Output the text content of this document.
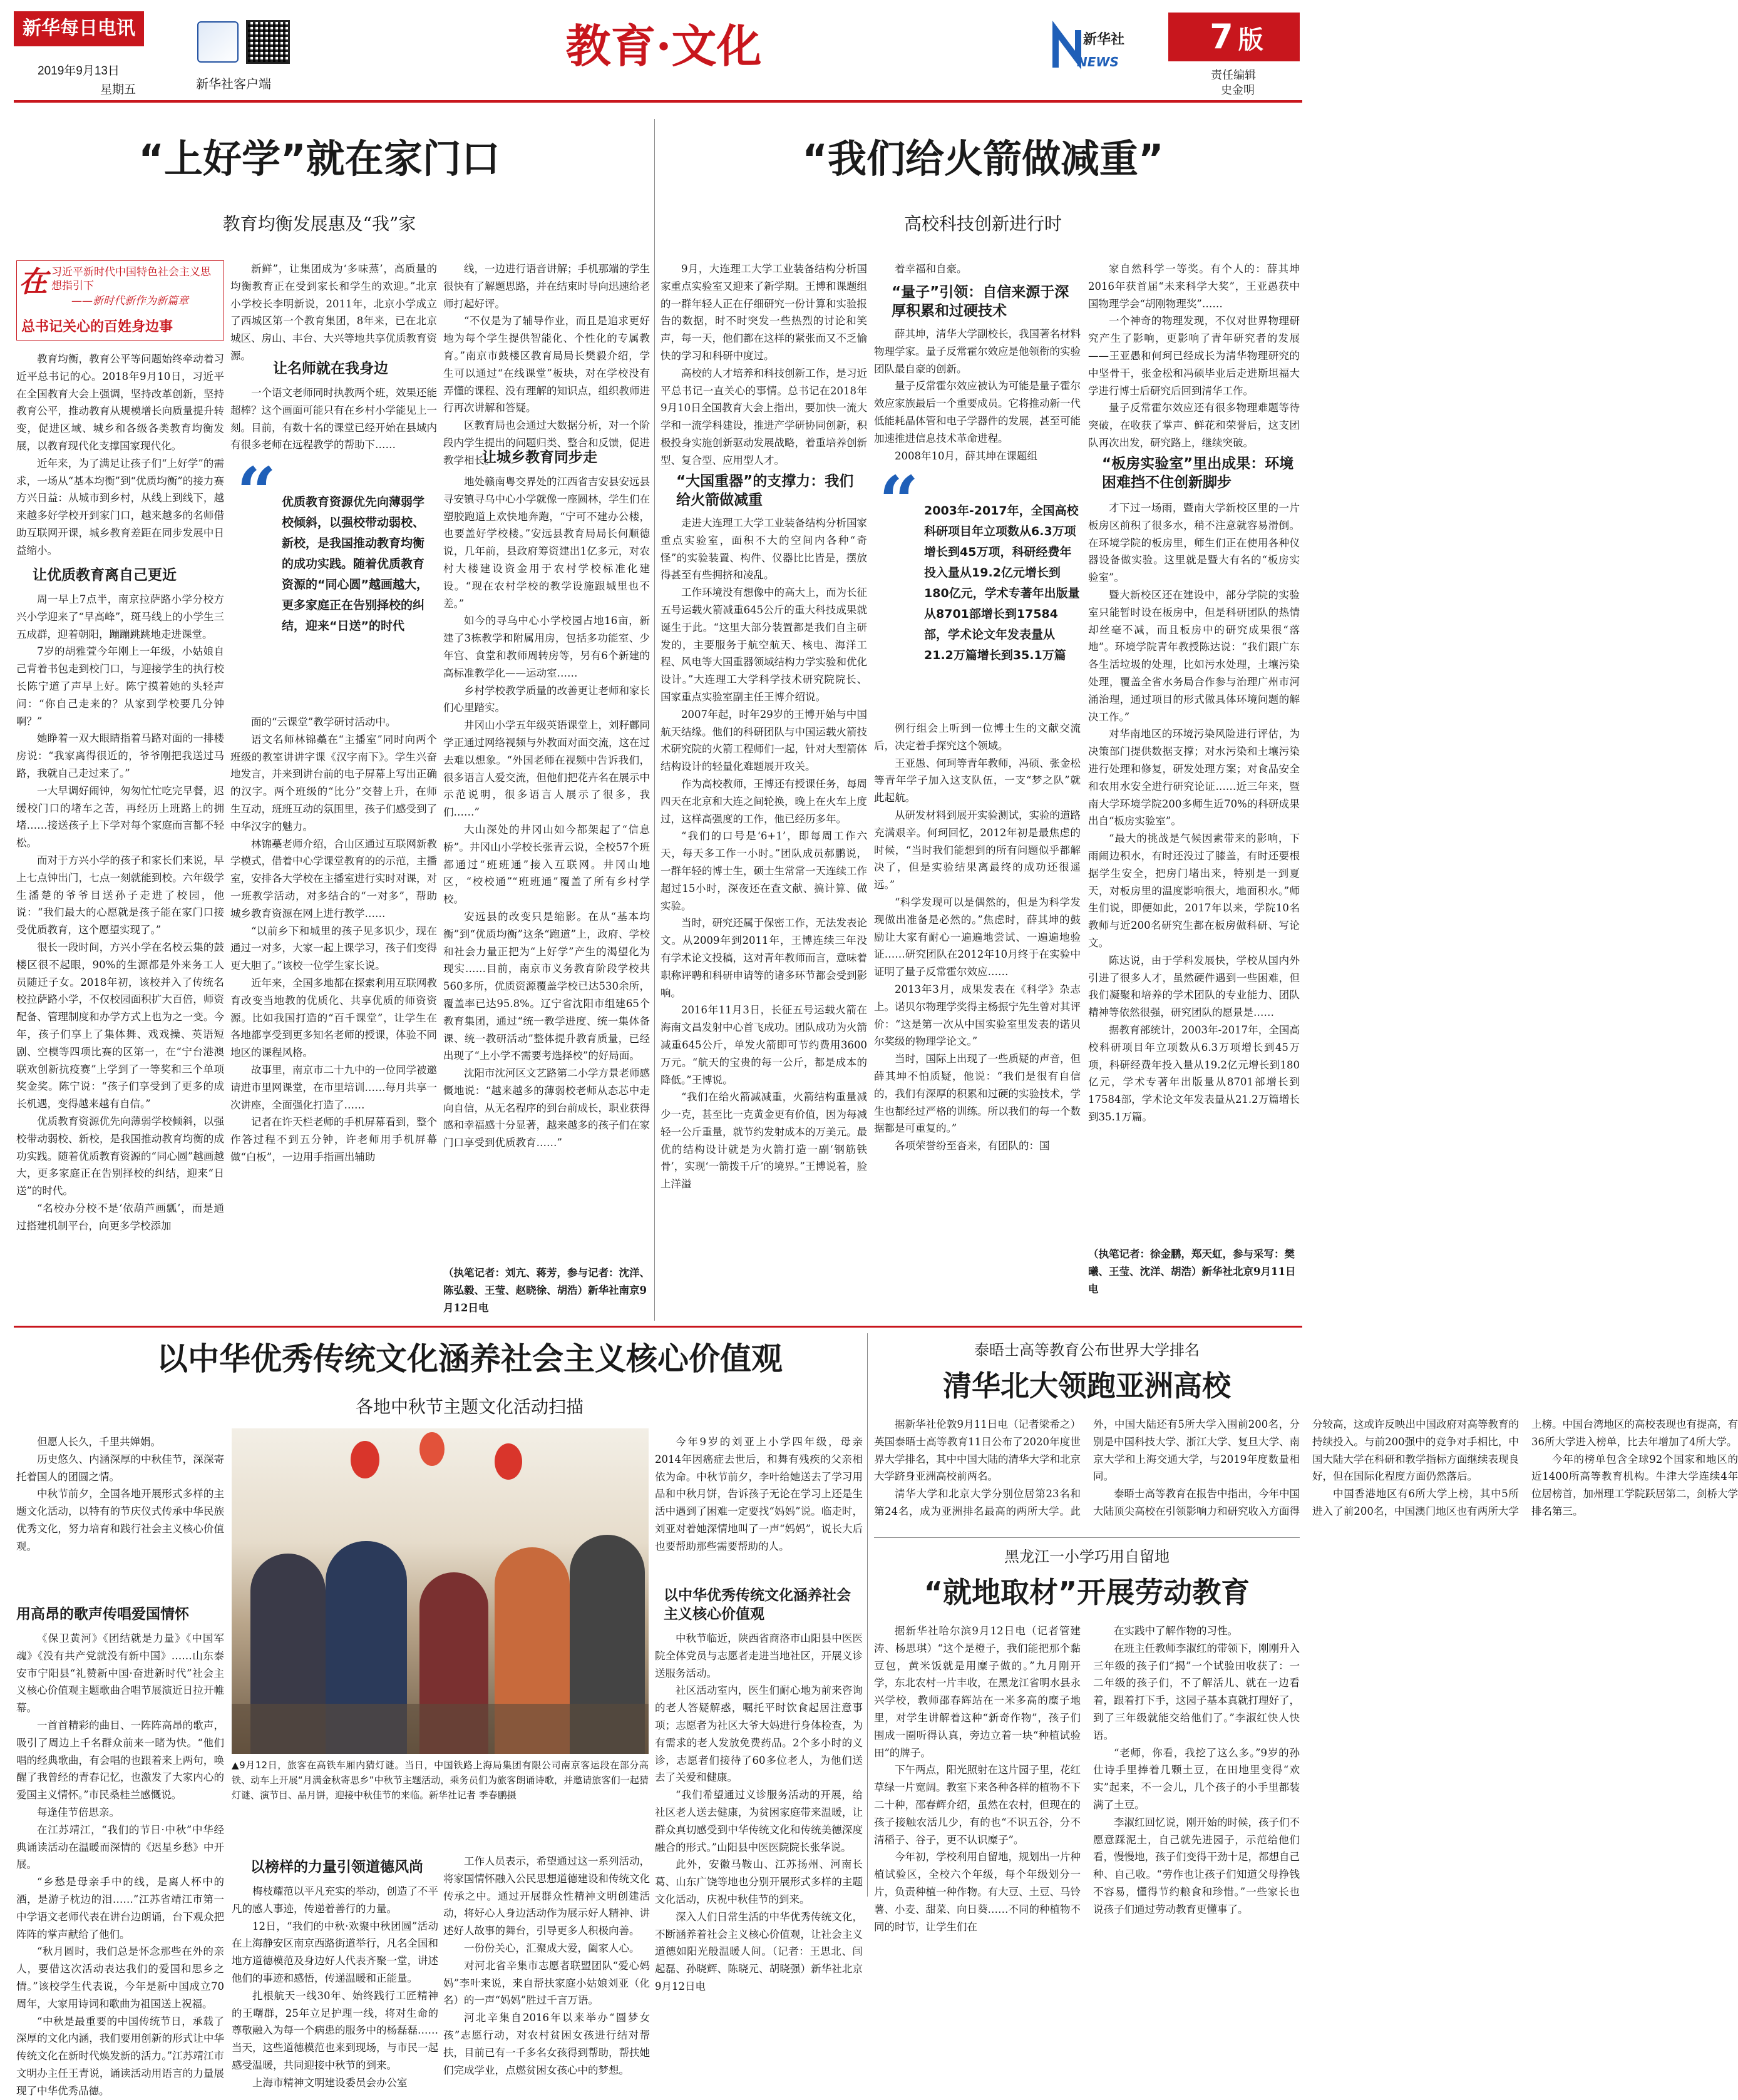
新华每日电讯
2019年9月13日
星期五	新华社客户端
教育·文化	新华社
NEWS
7 版
责任编辑
史金明
“上好学”就在家门口
教育均衡发展惠及“我”家
在 习近平新时代中国特色社会主义思想指引下
——新时代新作为新篇章
总书记关心的百姓身边事

教育均衡，教育公平等问题始终牵动着习近平总书记的心。2018年9月10日，习近平在全国教育大会上强调，坚持改革创新，坚持教育公平，推动教育从规模增长向质量提升转变，促进区域、城乡和各级各类教育均衡发展，以教育现代化支撑国家现代化。

近年来，为了满足让孩子们“上好学”的需求，一场从“基本均衡”到“优质均衡”的接力赛方兴日益：从城市到乡村，从线上到线下，越来越多好学校开到家门口，越来越多的名师借助互联网开课，城乡教育差距在同步发展中日益缩小。

让优质教育离自己更近

周一早上7点半，南京拉萨路小学分校方兴小学迎来了“早高峰”，斑马线上的小学生三五成群，迎着朝阳，蹦蹦跳跳地走进课堂。

7岁的胡雅萱今年刚上一年级，小姑娘自己背着书包走到校门口，与迎接学生的执行校长陈宁道了声早上好。陈宁摸着她的头轻声问：“你自己走来的？从家到学校要几分钟啊？”

她睁着一双大眼睛指着马路对面的一排楼房说：“我家离得很近的，爷爷刚把我送过马路，我就自己走过来了。”

一大早调好闹钟，匆匆忙忙吃完早餐，迟缓校门口的堵车之苦，再经历上班路上的拥堵……接送孩子上下学对每个家庭而言都不轻松。

而对于方兴小学的孩子和家长们来说，早上七点钟出门，七点一刻就能到校。六年级学生潘楚的爷爷目送孙子走进了校园，他说：“我们最大的心愿就是孩子能在家门口接受优质教育，这个愿望实现了。”

很长一段时间，方兴小学在名校云集的鼓楼区很不起眼，90%的生源都是外来务工人员随迁子女。2018年初，该校并入了传统名校拉萨路小学，不仅校园面积扩大百倍，师资配备、管理制度和办学方式上也为之一变。今年，孩子们享上了集体舞、戏戏操、英语短剧、空模等四项比赛的区第一，在“宁台港澳联欢创新抗疫赛”上学到了一等奖和三个单项奖金奖。陈宁说：“孩子们享受到了更多的成长机遇，变得越来越有自信。”

优质教育资源优先向薄弱学校倾斜，以强校带动弱校、新校，是我国推动教育均衡的成功实践。随着优质教育资源的“同心圆”越画越大，更多家庭正在告别择校的纠结，迎来“日送”的时代。

“名校办分校不是‘依葫芦画瓢’，而是通过搭建机制平台，向更多学校添加

新鲜”，让集团成为‘多味蒸’，高质量的均衡教育正在受到家长和学生的欢迎。”北京小学校长李明新说，2011年，北京小学成立了西城区第一个教育集团，8年来，已在北京城区、房山、丰台、大兴等地共享优质教育资源。

让名师就在我身边

一个语文老师同时执教两个班，效果还能超棒？这个画面可能只有在乡村小学能见上一刻。目前，有数十名的课堂已经开始在县域内有很多老师在远程教学的帮助下……

“ 优质教育资源优先向薄弱学校倾斜，以强校带动弱校、新校，是我国推动教育均衡的成功实践。随着优质教育资源的“同心圆”越画越大，更多家庭正在告别择校的纠结，迎来“日送”的时代

面的“云课堂”教学研讨活动中。

语文名师林锦蘽在“主播室”同时向两个班级的教室讲讲字课《汉字南下》。学生兴奋地发言，并来到讲台前的电子屏幕上写出正确的汉字。两个班级的“比分”交替上升，在师生互动，班班互动的氛围里，孩子们感受到了中华汉字的魅力。

林锦蘽老师介绍，合山区通过互联网新教学模式，借着中心学课堂教育的的示范，主播室，安排各大学校在主播室进行实时对课，对一班教学活动，对多结合的“一对多”，帮助城乡教育资源在网上进行教学……

“以前乡下和城里的孩子见多识少，现在通过一对多，大家一起上课学习，孩子们变得更大胆了。”该校一位学生家长说。

近年来，全国多地都在探索利用互联网教育改变当地教的优质化、共享优质的师资资源。比如我国打造的“百千课堂”，让学生在各地都享受到更多知名老师的授课，体验不同地区的课程风格。

故事里，南京市二十九中的一位同学被邀请进市里网课堂，在市里培训……每月共享一次讲座，全面强化打造了……

记者在许天栏老师的手机屏幕看到，整个作答过程不到五分钟，许老师用手机屏幕做“白板”，一边用手指画出辅助

线，一边进行语音讲解；手机那端的学生很快有了解题思路，并在结束时导向迅速给老师打起好评。

“不仅是为了辅导作业，而且是追求更好地为每个学生提供智能化、个性化的专属教育。”南京市鼓楼区教育局局长樊毅介绍，学生可以通过“在线课堂”板块，对在学校没有弄懂的课程、没有理解的知识点，组织教师进行再次讲解和答疑。

区教育局也会通过大数据分析，对一个阶段内学生提出的问题归类、整合和反馈，促进教学相长。

让城乡教育同步走

地处赣南粤交界处的江西省吉安县安远县寻安镇寻乌中心小学就像一座圆林，学生们在塑胶跑道上欢快地奔跑，“宁可不建办公楼，也要盖好学校楼。”安远县教育局局长何顺德说，几年前，县政府筹资建出1亿多元，对农村大楼建设资金用于农村学校标准化建设。“现在农村学校的教学设施跟城里也不差。”

如今的寻乌中心小学校园占地16亩，新建了3栋教学和附属用房，包括多功能室、少年宫、食堂和教师周转房等，另有6个新建的高标准教学化——运动室……

乡村学校教学质量的改善更让老师和家长们心里踏实。

井冈山小学五年级英语课堂上，刘籽鄜同学正通过网络视频与外教面对面交流，这在过去难以想象。“外国老师在视频中告诉我们，很多语言人爱交流，但他们把花卉名在展示中示范说明，很多语言人展示了很多，我们……”

大山深处的井冈山如今都架起了“信息桥”。井冈山小学校长张青云说，全校57个班都通过“班班通”接入互联网。井冈山地区，“校校通”“班班通”覆盖了所有乡村学校。

安远县的改变只是缩影。在从“基本均衡”到“优质均衡”这条“跑道”上，政府、学校和社会力量正把为“上好学”产生的渴望化为现实……目前，南京市义务教育阶段学校共560多所，优质资源覆盖学校已达530余所，覆盖率已达95.8%。辽宁省沈阳市组建65个教育集团，通过“统一教学进度、统一集体备课、统一教研活动”整体提升教育质量，已经出现了“上小学不需要考选择校”的好局面。

沈阳市沈河区文艺路第二小学方景老师感慨地说：“越来越多的薄弱校老师从态芯中走向自信，从无名程序的到台前成长，职业获得感和幸福感十分显著，越来越多的孩子们在家门口享受到优质教育……”

（执笔记者：刘亢、蒋芳，参与记者：沈洋、陈弘毅、王莹、赵晓徐、胡浩）新华社南京9月12日电
“我们给火箭做减重”
高校科技创新进行时

9月，大连理工大学工业装备结构分析国家重点实验室又迎来了新学期。王博和课题组的一群年轻人正在仔细研究一份计算和实验报告的数据，时不时突发一些热烈的讨论和笑声，每一天，他们都在这样的紧张而又不乏愉快的学习和科研中度过。

高校的人才培养和科技创新工作，是习近平总书记一直关心的事情。总书记在2018年9月10日全国教育大会上指出，要加快一流大学和一流学科建设，推进产学研协同创新，积极投身实施创新驱动发展战略，着重培养创新型、复合型、应用型人才。

“大国重器”的支撑力：我们给火箭做减重

走进大连理工大学工业装备结构分析国家重点实验室，面积不大的空间内各种“奇怪”的实验装置、构件、仪器比比皆是，摆放得甚至有些拥挤和凌乱。

工作环境没有想像中的高大上，而为长征五号运载火箭减重645公斤的重大科技成果就诞生于此。“这里大部分装置都是我们自主研发的，主要服务于航空航天、核电、海洋工程、风电等大国重器领域结构力学实验和优化设计。”大连理工大学科学技术研究院院长、国家重点实验室副主任王博介绍说。

2007年起，时年29岁的王博开始与中国航天结缘。他们的科研团队与中国运载火箭技术研究院的火箭工程师们一起，针对大型箭体结构设计的轻量化难题展开攻关。

作为高校教师，王博还有授课任务，每周四天在北京和大连之间轮换，晚上在火车上度过，这样高强度的工作，他已经历多年。

“我们的口号是‘6+1’，即每周工作六天，每天多工作一小时。”团队成员郝鹏说，一群年轻的博士生，硕士生常常一天连续工作超过15小时，深夜还在查文献、搞计算、做实验。

当时，研究还属于保密工作，无法发表论文。从2009年到2011年，王博连续三年没有学术论文投稿，这对青年教师而言，意味着职称评聘和科研申请等的诸多环节都会受到影响。

2016年11月3日，长征五号运载火箭在海南文昌发射中心首飞成功。团队成功为火箭减重645公斤，单发火箭即可节约费用3600万元。“航天的宝贵的每一公斤，都是成本的降低。”王博说。

“我们在给火箭减减重，火箭结构重量减少一克，甚至比一克黄金更有价值，因为每减轻一公斤重量，就节约发射成本的万美元。最优的结构设计就是为火箭打造一副‘钢筋铁骨’，实现‘一箭拨千斤’的境界。”王博说着，脸上洋溢

着幸福和自豪。

“量子”引领：自信来源于深厚积累和过硬技术

薛其坤，清华大学副校长，我国著名材料物理学家。量子反常霍尔效应是他领衔的实验团队最自豪的创新。

量子反常霍尔效应被认为可能是量子霍尔效应家族最后一个重要成员。它将推动新一代低能耗晶体管和电子学器件的发展，甚至可能加速推进信息技术革命进程。

2008年10月，薛其坤在课题组

“ 2003年-2017年，全国高校科研项目年立项数从6.3万项增长到45万项，科研经费年投入量从19.2亿元增长到180亿元，学术专著年出版量从8701部增长到17584部，学术论文年发表量从21.2万篇增长到35.1万篇

例行组会上听到一位博士生的文献交流后，决定着手探究这个领域。

王亚愚、何珂等青年教师，冯硕、张金松等青年学子加入这支队伍，一支“梦之队”就此起航。

从研发材料到展开实验测试，实验的道路充满艰辛。何珂回忆，2012年初是最焦虑的时候，“当时我们能想到的所有问题似乎都解决了，但是实验结果离最终的成功还很遥远。”

“科学发现可以是偶然的，但是为科学发现做出准备是必然的。”焦虑时，薛其坤的鼓励让大家有耐心一遍遍地尝试、一遍遍地验证……研究团队在2012年10月终于在实验中证明了量子反常霍尔效应……

2013年3月，成果发表在《科学》杂志上。诺贝尔物理学奖得主杨振宁先生曾对其评价：“这是第一次从中国实验室里发表的诺贝尔奖级的物理学论文。”

当时，国际上出现了一些质疑的声音，但薛其坤不怕质疑，他说：“我们是很有自信的，我们有深厚的积累和过硬的实验技术，学生也都经过严格的训练。所以我们的每一个数据都是可重复的。”

各项荣誉纷至沓来，有团队的：国

家自然科学一等奖。有个人的：薛其坤2016年获首届“未来科学大奖”，王亚愚获中国物理学会“胡刚物理奖”……

一个神奇的物理发现，不仅对世界物理研究产生了影响，更影响了青年研究者的发展——王亚愚和何珂已经成长为清华物理研究的中坚骨干，张金松和冯硕毕业后走进斯坦福大学进行博士后研究后回到清华工作。

量子反常霍尔效应还有很多物理难题等待突破，在收获了掌声、鲜花和荣誉后，这支团队再次出发，研究路上，继续突破。

“板房实验室”里出成果：环境困难挡不住创新脚步

才下过一场雨，暨南大学新校区里的一片板房区前积了很多水，稍不注意就容易滑倒。在环境学院的板房里，师生们正在使用各种仪器设备做实验。这里就是暨大有名的“板房实验室”。

暨大新校区还在建设中，部分学院的实验室只能暂时设在板房中，但是科研团队的热情却丝毫不减，而且板房中的研究成果很“落地”。环境学院青年教授陈达说：“我们跟广东各生活垃圾的处理，比如污水处理，土壤污染处理，覆盖全省水务局合作参与治理广州市河涌治理，通过项目的形式做具体环境问题的解决工作。”

对华南地区的环境污染风险进行评估，为决策部门提供数据支撑；对水污染和土壤污染进行处理和修复，研发处理方案；对食品安全和农用水安全进行研究论证……近三年来，暨南大学环境学院200多师生近70%的科研成果出自“板房实验室”。

“最大的挑战是气候因素带来的影响，下雨闹边积水，有时还没过了膝盖，有时还要根据学生安全，把房门堵出来，特别是一到夏天，对板房里的温度影响很大，地面积水。”师生们说，即便如此，2017年以来，学院10名教师与近200名研究生都在板房做科研、写论文。

陈达说，由于学科发展快，学校从国内外引进了很多人才，虽然硬件遇到一些困难，但我们凝聚和培养的学术团队的专业能力、团队精神等依然很强，研究团队的愿景是……

据教育部统计，2003年-2017年，全国高校科研项目年立项数从6.3万项增长到45万项，科研经费年投入量从19.2亿元增长到180亿元，学术专著年出版量从8701部增长到17584部，学术论文年发表量从21.2万篇增长到35.1万篇。

（执笔记者：徐金鹏，郑天虹，参与采写：樊曦、王莹、沈洋、胡浩）新华社北京9月11日电
以中华优秀传统文化涵养社会主义核心价值观
各地中秋节主题文化活动扫描

但愿人长久，千里共婵娟。

历史悠久、内涵深厚的中秋佳节，深深寄托着国人的团圆之情。

中秋节前夕，全国各地开展形式多样的主题文化活动，以特有的节庆仪式传承中华民族优秀文化，努力培育和践行社会主义核心价值观。

用高昂的歌声传唱爱国情怀

《保卫黄河》《团结就是力量》《中国军魂》《没有共产党就没有新中国》……山东泰安市宁阳县“礼赞新中国·奋进新时代”社会主义核心价值观主题歌曲合唱节展演近日拉开帷幕。

一首首精彩的曲目、一阵阵高昂的歌声，吸引了周边上千名群众前来一睹为快。“他们唱的经典歌曲，有会唱的也跟着来上两句，唤醒了我曾经的青春记忆，也激发了大家内心的爱国主义情怀。”市民桑桂兰感慨说。

每逢佳节倍思亲。

在江苏靖江，“我们的节日·中秋”中华经典诵读活动在温暖而深情的《迟星乡愁》中开展。

“乡愁是母亲手中的线，是离人杯中的酒，是游子枕边的泪……”江苏省靖江市第一中学语文老师代表在讲台边朗诵，台下观众把阵阵的掌声献给了他们。

“秋月圆时，我们总是怀念那些在外的亲人，要借这次活动表达我们的爱国和思乡之情。”该校学生代表说，今年是新中国成立70周年，大家用诗词和歌曲为祖国送上祝福。

“中秋是最重要的中国传统节日，承载了深厚的文化内涵，我们要用创新的形式让中华传统文化在新时代焕发新的活力。”江苏靖江市文明办主任王青说，诵读活动用语言的力量展现了中华优秀品德。

▲9月12日，旅客在高铁车厢内猜灯谜。当日，中国铁路上海局集团有限公司南京客运段在部分高铁、动车上开展“月满金秋寄思乡”中秋节主题活动，乘务员们为旅客朗诵诗歌，并邀请旅客们一起猜灯谜、演节目、品月饼，迎接中秋佳节的来临。新华社记者 季春鹏摄
以榜样的力量引领道德风尚

梅枝耀范以平凡充实的举动，创造了不平凡的感人事迹，传递着善行的力量。

12日，“我们的中秋·欢聚中秋团圆”活动在上海静安区南京西路街道举行，凡名全国和地方道德模范及身边好人代表齐聚一堂，讲述他们的事迹和感悟，传递温暖和正能量。

扎根航天一线30年、始终践行工匠精神的王曙群，25年立足护理一线，将对生命的尊敬融入为每一个病患的服务中的杨磊磊……当天，这些道德模范也来到现场，与市民一起感受温暖，共同迎接中秋节的到来。

上海市精神文明建设委员会办公室

工作人员表示，希望通过这一系列活动，将家国情怀融入公民思想道德建设和传统文化传承之中。通过开展群众性精神文明创建活动，将好心人身边活动作为展示好人精神、讲述好人故事的舞台，引导更多人积极向善。

一份份关心，汇聚成大爱，阖家人心。

对河北省辛集市志愿者联盟团队“爱心妈妈”李叶来说，来自帮扶家庭小姑娘刘亚（化名）的一声“妈妈”胜过千言万语。

河北辛集自2016年以来举办“圆梦女孩”志愿行动，对农村贫困女孩进行结对帮扶，目前已有一千多名女孩得到帮助，帮扶她们完成学业，点燃贫困女孩心中的梦想。

今年9岁的刘亚上小学四年级，母亲2014年因癌症去世后，和舞有残疾的父亲相依为命。中秋节前夕，李叶给她送去了学习用品和中秋月饼，告诉孩子无论在学习上还是生活中遇到了困难一定要找“妈妈”说。临走时，刘亚对着她深情地叫了一声“妈妈”，说长大后也要帮助那些需要帮助的人。

以中华优秀传统文化涵养社会主义核心价值观

中秋节临近，陕西省商洛市山阳县中医医院全体党员与志愿者走进当地社区，开展义诊送服务活动。

社区活动室内，医生们耐心地为前来咨询的老人答疑解惑，嘱托平时饮食起居注意事项；志愿者为社区大爷大妈进行身体检查，为有需求的老人发放免费药品。2个多小时的义诊，志愿者们接待了60多位老人，为他们送去了关爱和健康。

“我们希望通过义诊服务活动的开展，给社区老人送去健康，为贫困家庭带来温暖，让群众真切感受到中华传统文化和传统美德深度融合的形式。”山阳县中医医院院长张华说。

此外，安徽马鞍山、江苏扬州、河南长葛、山东广饶等地也分别开展形式多样的主题文化活动，庆祝中秋佳节的到来。

深入人们日常生活的中华优秀传统文化，不断涵养着社会主义核心价值观，让社会主义道德如阳光般温暖人间。（记者：王思北、闫起磊、孙晓辉、陈晓元、胡晓强）新华社北京9月12日电

泰晤士高等教育公布世界大学排名
清华北大领跑亚洲高校

据新华社伦敦9月11日电（记者梁希之）英国泰晤士高等教育11日公布了2020年度世界大学排名，其中中国大陆的清华大学和北京大学跻身亚洲高校前两名。

清华大学和北京大学分别位居第23名和第24名，成为亚洲排名最高的两所大学。此外，中国大陆还有5所大学入围前200名，分别是中国科技大学、浙江大学、复旦大学、南京大学和上海交通大学，与2019年度数量相同。

泰晤士高等教育在报告中指出，今年中国大陆顶尖高校在引领影响力和研究收入方面得分较高，这或许反映出中国政府对高等教育的持续投入。与前200强中的竞争对手相比，中国大陆大学在科研和教学指标方面继续表现良好，但在国际化程度方面仍然落后。

中国香港地区有6所大学上榜，其中5所进入了前200名，中国澳门地区也有两所大学上榜。中国台湾地区的高校表现也有提高，有36所大学进入榜单，比去年增加了4所大学。

今年的榜单包含全球92个国家和地区的近1400所高等教育机构。牛津大学连续4年位居榜首，加州理工学院跃居第二，剑桥大学排名第三。

黑龙江一小学巧用自留地
“就地取材”开展劳动教育

据新华社哈尔滨9月12日电（记者管建涛、杨思琪）“这个是橙子，我们能把那个黏豆包，黄米饭就是用糜子做的。”九月刚开学，东北农村一片丰收，在黑龙江省明水县永兴学校，教师邵春辉站在一米多高的糜子地里，对学生讲解着这种“新奇作物”，孩子们围成一圈听得认真，旁边立着一块“种植试验田”的牌子。

下午两点，阳光照射在这片园子里，花红草绿一片宽阔。教室下来各种各样的植物不下二十种，邵春辉介绍，虽然在农村，但现在的孩子接触农活儿少，有的也“不识五谷，分不清稻子、谷子，更不认识糜子”。

今年初，学校利用自留地，规划出一片种植试验区，全校六个年级，每个年级划分一片，负责种植一种作物。有大豆、土豆、马铃薯、小麦、甜菜、向日葵……不同的种植物不同的时节，让学生们在

在实践中了解作物的习性。

在班主任教师李淑红的带领下，刚刚升入三年级的孩子们“揭”一个试验田收获了：一二年级的孩子们，不了解活儿、就在一边看着，跟着打下手，这园子基本真就打理好了，到了三年级就能交给他们了。”李淑红快人快语。

“老师，你看，我挖了这么多。”9岁的孙仕诗手里捧着几颗土豆，在田地里变得“欢实”起来，不一会儿，几个孩子的小手里都装满了土豆。

李淑红回忆说，刚开始的时候，孩子们不愿意踩泥土，自己就先进园子，示范给他们看，慢慢地，孩子们变得干劲十足，都想自己种、自己收。“劳作也让孩子们知道父母挣钱不容易，懂得节约粮食和珍惜。”一些家长也说孩子们通过劳动教育更懂事了。
